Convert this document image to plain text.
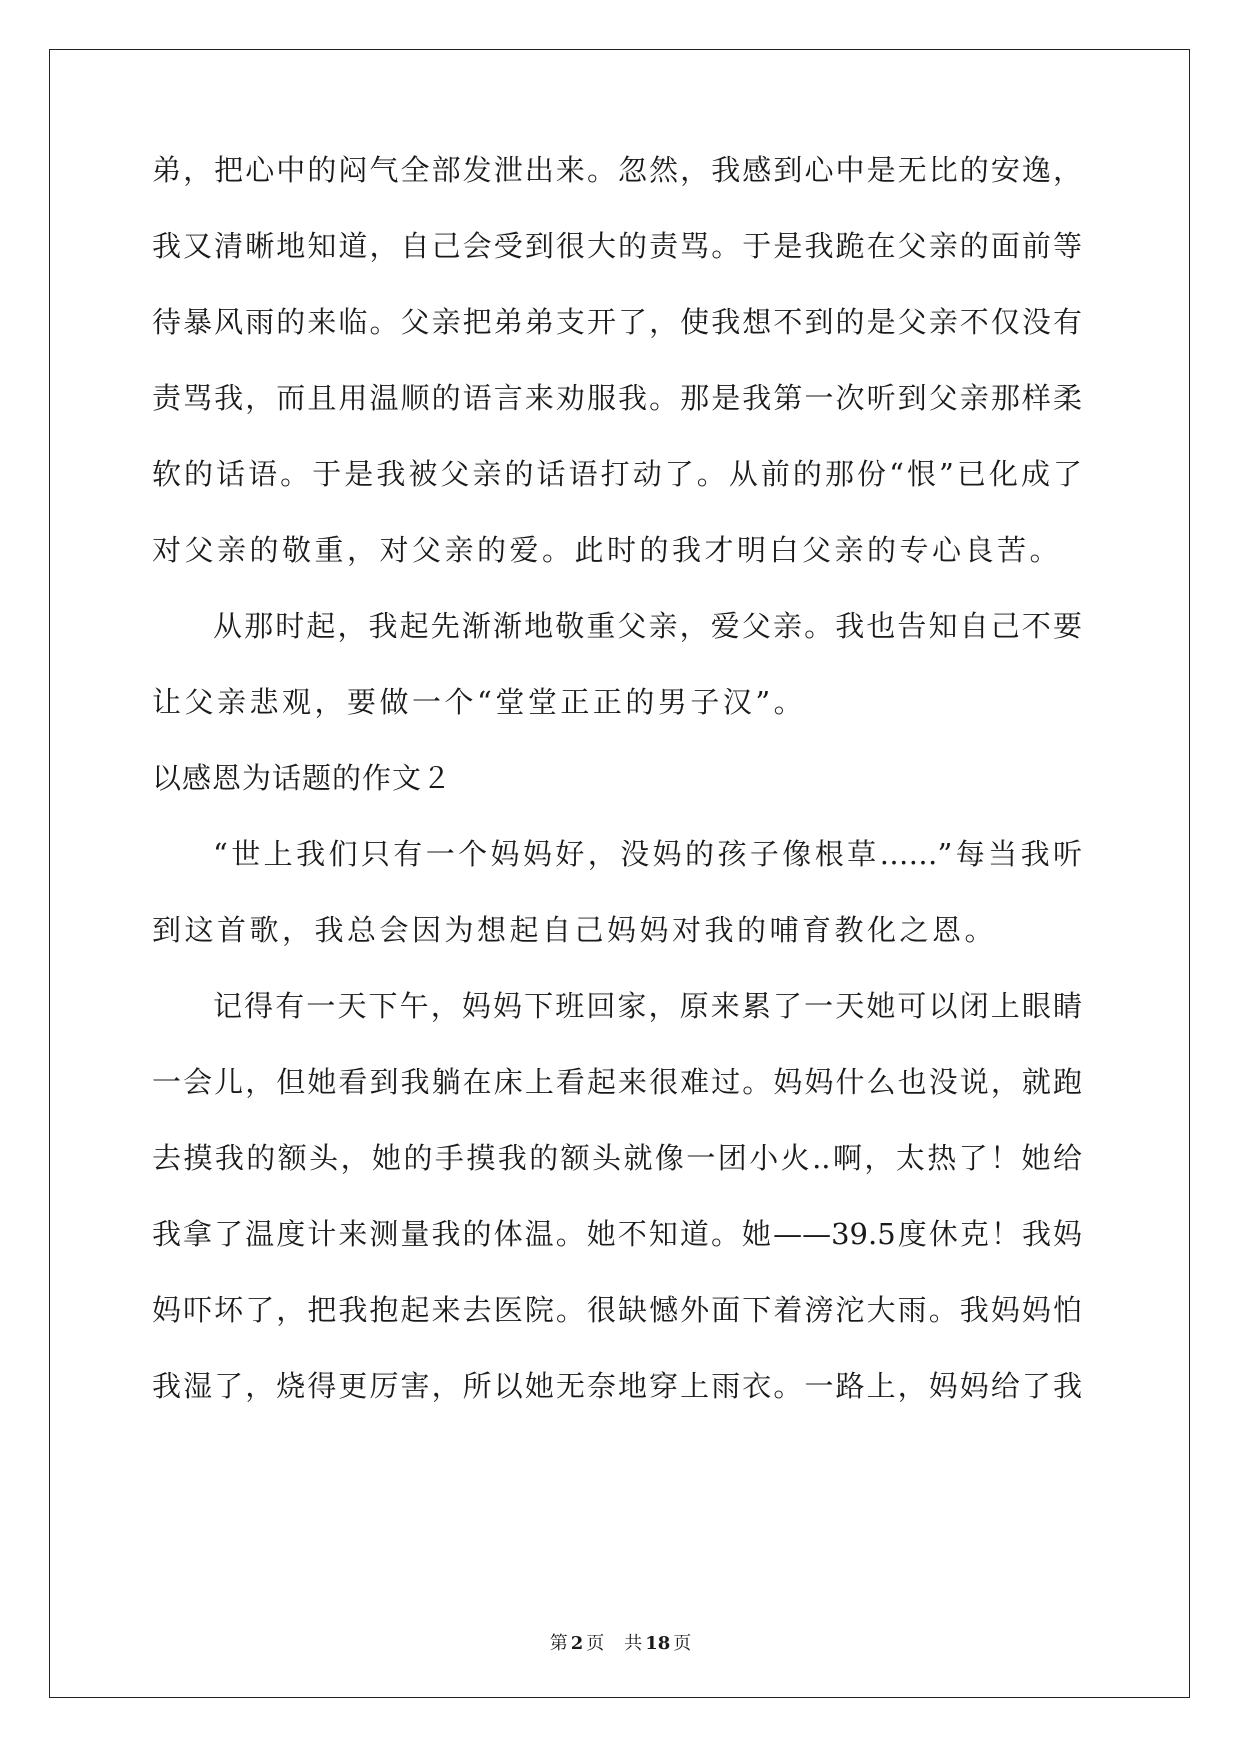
弟，把心中的闷气全部发泄出来。忽然，我感到心中是无比的安逸，
我又清晰地知道，自己会受到很大的责骂。于是我跪在父亲的面前等
待暴风雨的来临。父亲把弟弟支开了，使我想不到的是父亲不仅没有
责骂我，而且用温顺的语言来劝服我。那是我第一次听到父亲那样柔
软的话语。于是我被父亲的话语打动了。从前的那份“恨”已化成了
对父亲的敬重，对父亲的爱。此时的我才明白父亲的专心良苦。
从那时起，我起先渐渐地敬重父亲，爱父亲。我也告知自己不要
让父亲悲观，要做一个“堂堂正正的男子汉”。
以感恩为话题的作文２
“世上我们只有一个妈妈好，没妈的孩子像根草……”每当我听
到这首歌，我总会因为想起自己妈妈对我的哺育教化之恩。
记得有一天下午，妈妈下班回家，原来累了一天她可以闭上眼睛
一会儿，但她看到我躺在床上看起来很难过。妈妈什么也没说，就跑
去摸我的额头，她的手摸我的额头就像一团小火..啊，太热了！她给
我拿了温度计来测量我的体温。她不知道。她——39.5度休克！我妈
妈吓坏了，把我抱起来去医院。很缺憾外面下着滂沱大雨。我妈妈怕
我湿了，烧得更厉害，所以她无奈地穿上雨衣。一路上，妈妈给了我
第 2 页 共 18 页
